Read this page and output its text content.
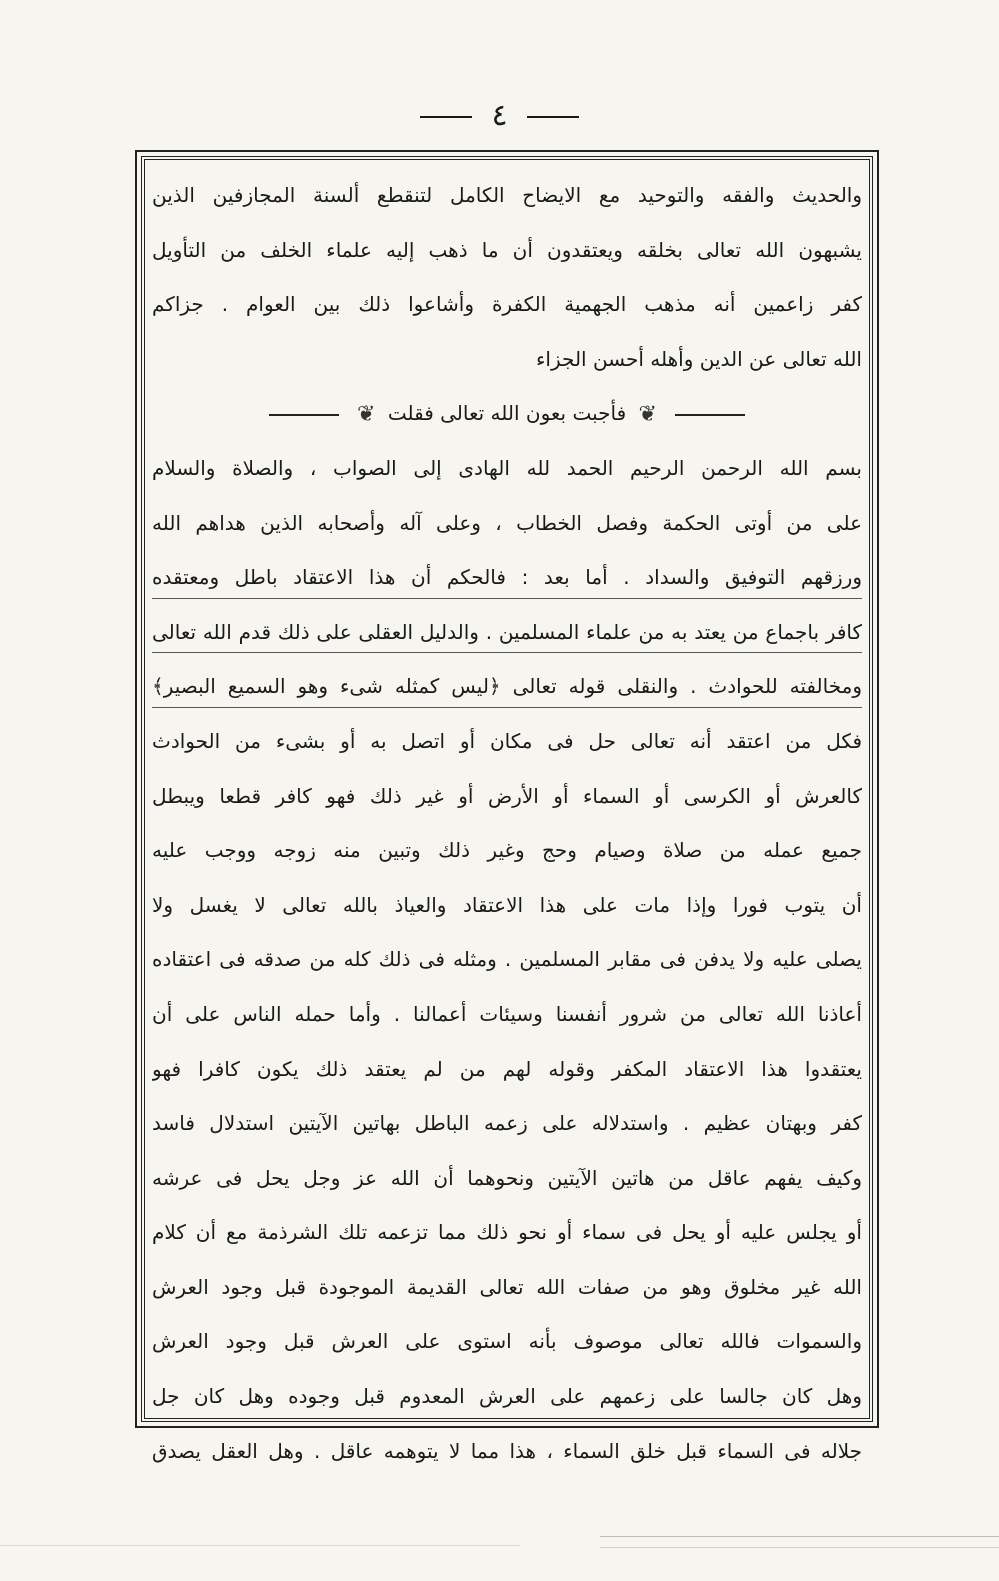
٤
والحديث والفقه والتوحيد مع الايضاح الكامل لتنقطع ألسنة المجازفين الذين
يشبهون الله تعالى بخلقه ويعتقدون أن ما ذهب إليه علماء الخلف من التأويل
كفر زاعمين أنه مذهب الجهمية الكفرة وأشاعوا ذلك بين العوام . جزاكم
الله تعالى عن الدين وأهله أحسن الجزاء
❦ فأجبت بعون الله تعالى فقلت ❦
بسم الله الرحمن الرحيم الحمد لله الهادى إلى الصواب ، والصلاة والسلام
على من أوتى الحكمة وفصل الخطاب ، وعلى آله وأصحابه الذين هداهم الله
ورزقهم التوفيق والسداد . أما بعد : فالحكم أن هذا الاعتقاد باطل ومعتقده
كافر باجماع من يعتد به من علماء المسلمين . والدليل العقلى على ذلك قدم الله تعالى
ومخالفته للحوادث . والنقلى قوله تعالى ﴿ليس كمثله شىء وهو السميع البصير﴾
فكل من اعتقد أنه تعالى حل فى مكان أو اتصل به أو بشىء من الحوادث
كالعرش أو الكرسى أو السماء أو الأرض أو غير ذلك فهو كافر قطعا ويبطل
جميع عمله من صلاة وصيام وحج وغير ذلك وتبين منه زوجه ووجب عليه
أن يتوب فورا وإذا مات على هذا الاعتقاد والعياذ بالله تعالى لا يغسل ولا
يصلى عليه ولا يدفن فى مقابر المسلمين . ومثله فى ذلك كله من صدقه فى اعتقاده
أعاذنا الله تعالى من شرور أنفسنا وسيئات أعمالنا . وأما حمله الناس على أن
يعتقدوا هذا الاعتقاد المكفر وقوله لهم من لم يعتقد ذلك يكون كافرا فهو
كفر وبهتان عظيم . واستدلاله على زعمه الباطل بهاتين الآيتين استدلال فاسد
وكيف يفهم عاقل من هاتين الآيتين ونحوهما أن الله عز وجل يحل فى عرشه
أو يجلس عليه أو يحل فى سماء أو نحو ذلك مما تزعمه تلك الشرذمة مع أن كلام
الله غير مخلوق وهو من صفات الله تعالى القديمة الموجودة قبل وجود العرش
والسموات فالله تعالى موصوف بأنه استوى على العرش قبل وجود العرش
وهل كان جالسا على زعمهم على العرش المعدوم قبل وجوده وهل كان جل
جلاله فى السماء قبل خلق السماء ، هذا مما لا يتوهمه عاقل . وهل العقل يصدق
